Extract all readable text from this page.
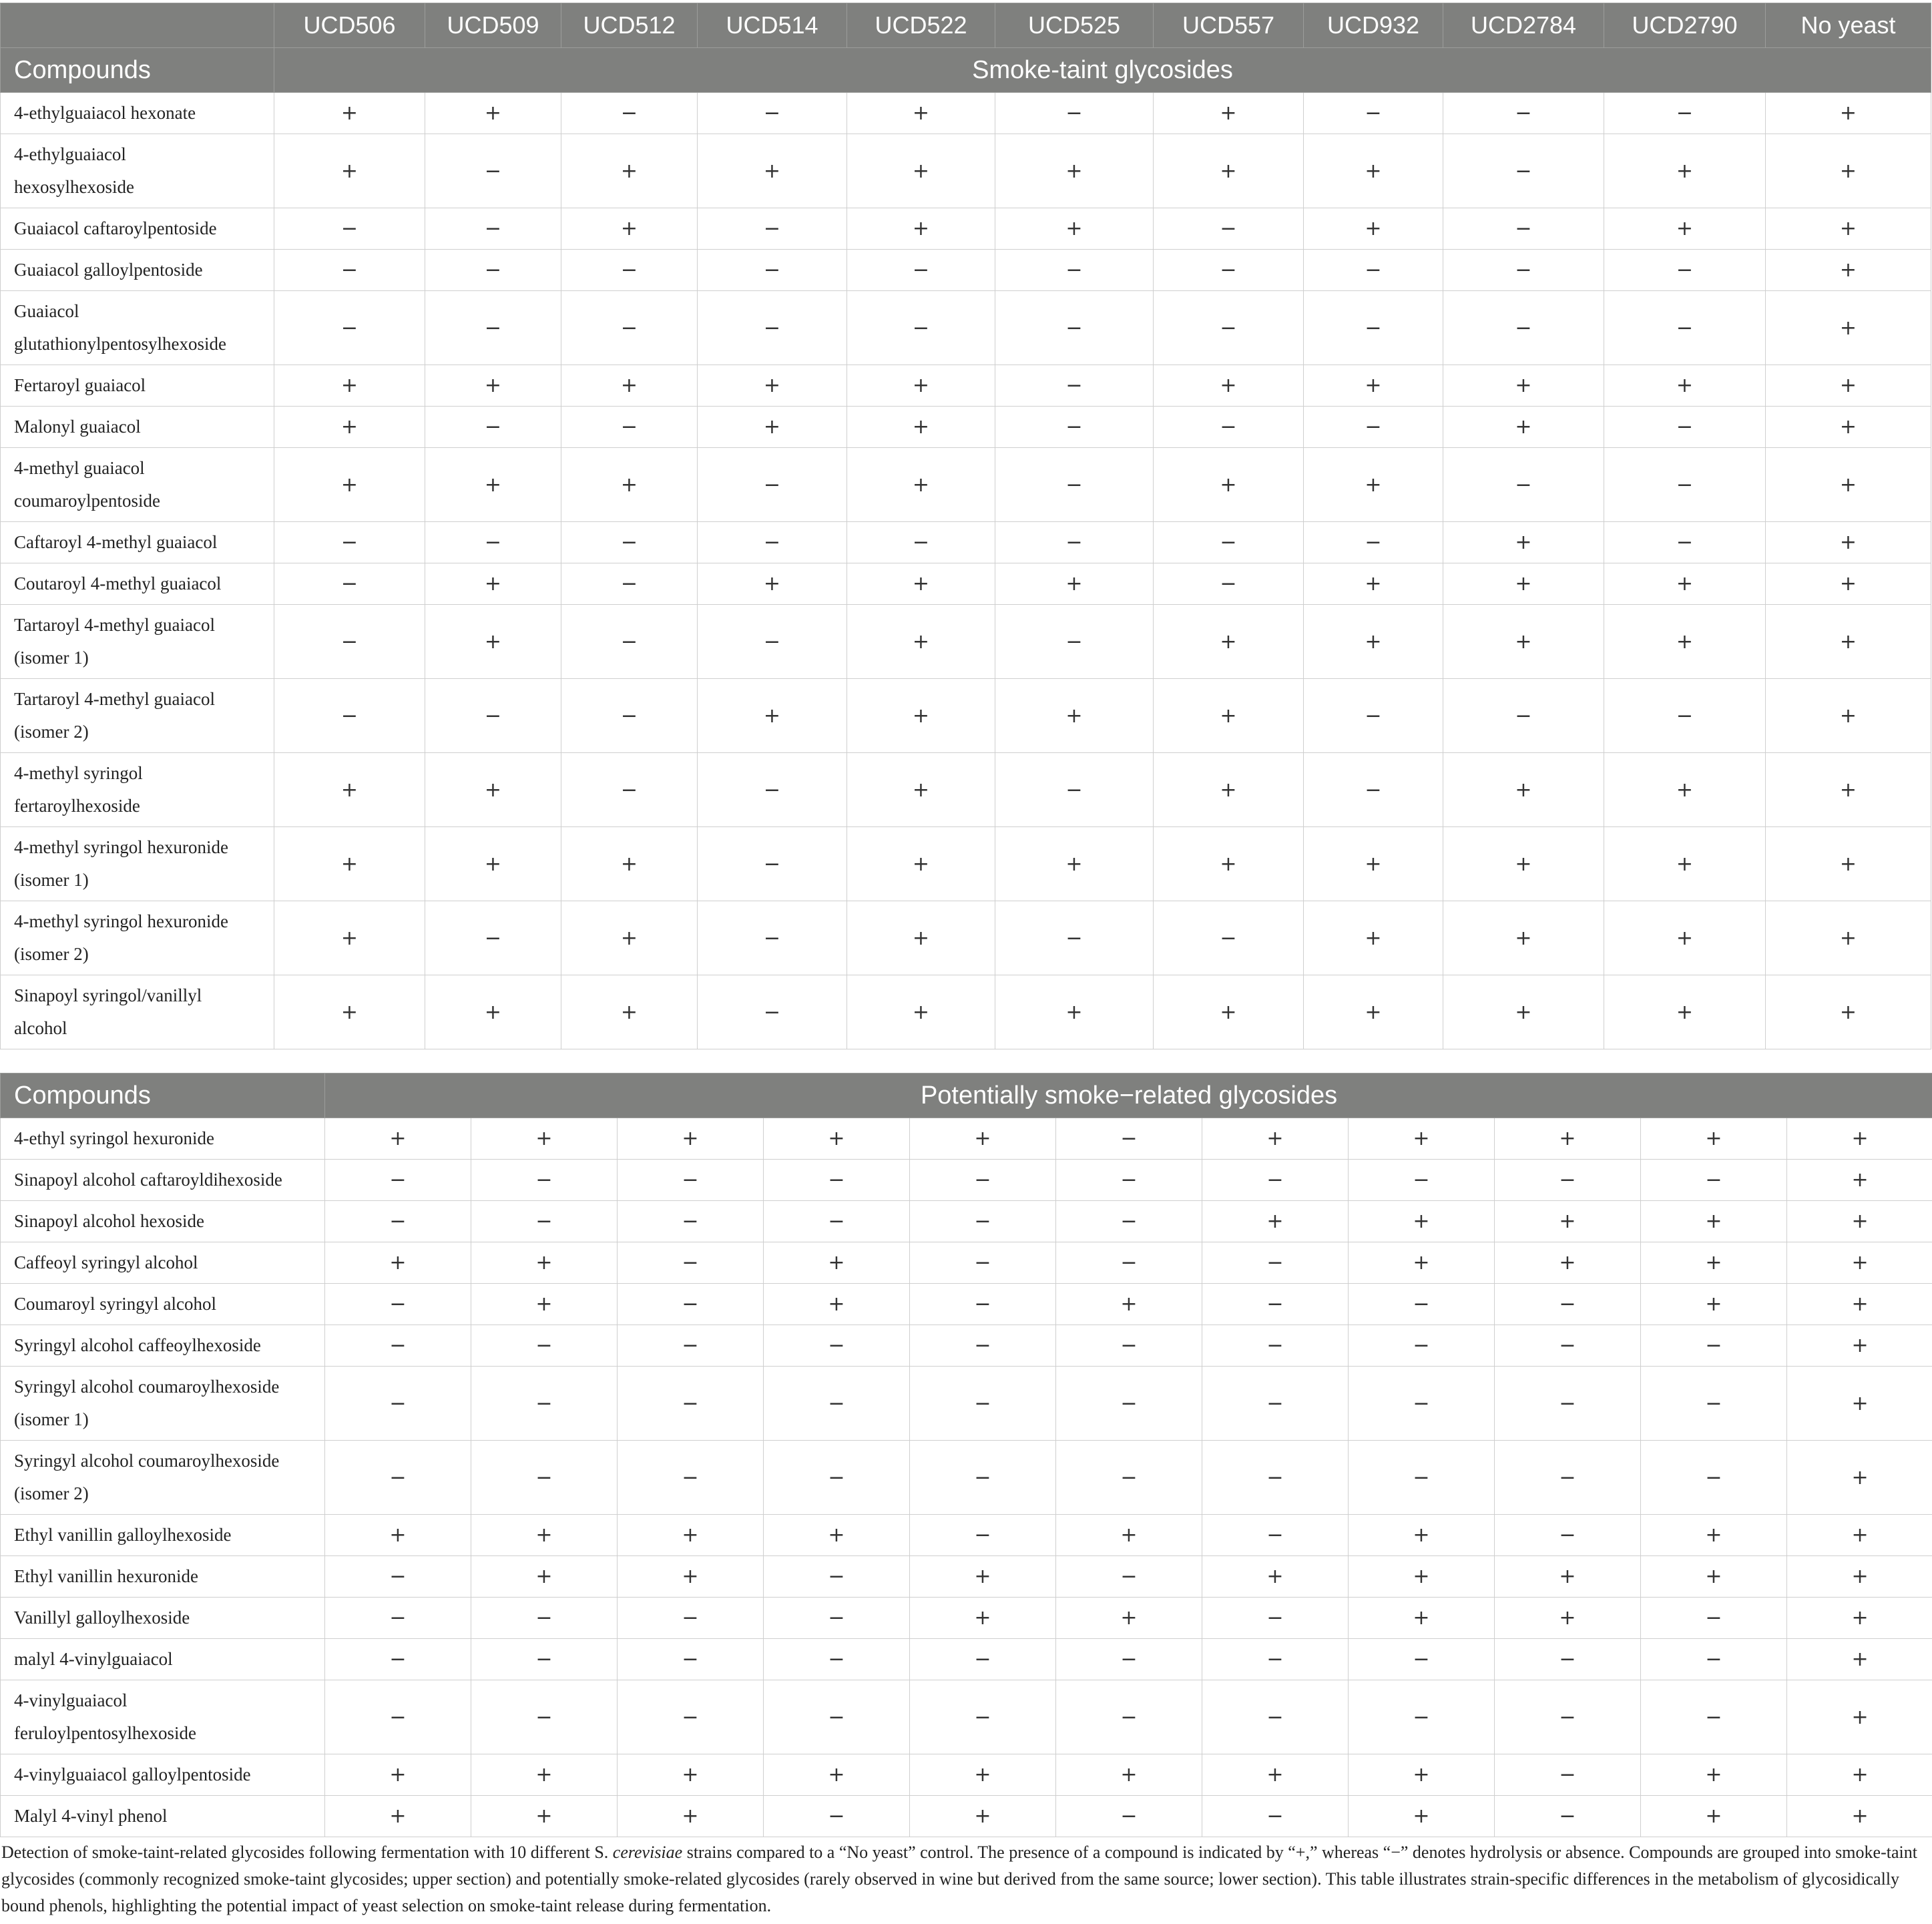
	UCD506	UCD509	UCD512	UCD514	UCD522	UCD525	UCD557	UCD932	UCD2784	UCD2790	No yeast
Compounds	Smoke-taint glycosides										
4-ethylguaiacol hexonate	+	+	−	−	+	−	+	−	−	−	+
4-ethylguaiacol hexosylhexoside	+	−	+	+	+	+	+	+	−	+	+
Guaiacol caftaroylpentoside	−	−	+	−	+	+	−	+	−	+	+
Guaiacol galloylpentoside	−	−	−	−	−	−	−	−	−	−	+
Guaiacol glutathionylpentosylhexoside	−	−	−	−	−	−	−	−	−	−	+
Fertaroyl guaiacol	+	+	+	+	+	−	+	+	+	+	+
Malonyl guaiacol	+	−	−	+	+	−	−	−	+	−	+
4-methyl guaiacol coumaroylpentoside	+	+	+	−	+	−	+	+	−	−	+
Caftaroyl 4-methyl guaiacol	−	−	−	−	−	−	−	−	+	−	+
Coutaroyl 4-methyl guaiacol	−	+	−	+	+	+	−	+	+	+	+
Tartaroyl 4-methyl guaiacol (isomer 1)	−	+	−	−	+	−	+	+	+	+	+
Tartaroyl 4-methyl guaiacol (isomer 2)	−	−	−	+	+	+	+	−	−	−	+
4-methyl syringol fertaroylhexoside	+	+	−	−	+	−	+	−	+	+	+
4-methyl syringol hexuronide (isomer 1)	+	+	+	−	+	+	+	+	+	+	+
4-methyl syringol hexuronide (isomer 2)	+	−	+	−	+	−	−	+	+	+	+
Sinapoyl syringol/vanillyl alcohol	+	+	+	−	+	+	+	+	+	+	+
Compounds	Potentially smoke−related glycosides										
4-ethyl syringol hexuronide	+	+	+	+	+	−	+	+	+	+	+
Sinapoyl alcohol caftaroyldihexoside	−	−	−	−	−	−	−	−	−	−	+
Sinapoyl alcohol hexoside	−	−	−	−	−	−	+	+	+	+	+
Caffeoyl syringyl alcohol	+	+	−	+	−	−	−	+	+	+	+
Coumaroyl syringyl alcohol	−	+	−	+	−	+	−	−	−	+	+
Syringyl alcohol caffeoylhexoside	−	−	−	−	−	−	−	−	−	−	+
Syringyl alcohol coumaroylhexoside (isomer 1)	−	−	−	−	−	−	−	−	−	−	+
Syringyl alcohol coumaroylhexoside (isomer 2)	−	−	−	−	−	−	−	−	−	−	+
Ethyl vanillin galloylhexoside	+	+	+	+	−	+	−	+	−	+	+
Ethyl vanillin hexuronide	−	+	+	−	+	−	+	+	+	+	+
Vanillyl galloylhexoside	−	−	−	−	+	+	−	+	+	−	+
malyl 4-vinylguaiacol	−	−	−	−	−	−	−	−	−	−	+
4-vinylguaiacol feruloylpentosylhexoside	−	−	−	−	−	−	−	−	−	−	+
4-vinylguaiacol galloylpentoside	+	+	+	+	+	+	+	+	−	+	+
Malyl 4-vinyl phenol	+	+	+	−	+	−	−	+	−	+	+
Detection of smoke-taint-related glycosides following fermentation with 10 different S. cerevisiae strains compared to a “No yeast” control. The presence of a compound is indicated by “+,” whereas “−” denotes hydrolysis or absence. Compounds are grouped into smoke-taint glycosides (commonly recognized smoke-taint glycosides; upper section) and potentially smoke-related glycosides (rarely observed in wine but derived from the same source; lower section). This table illustrates strain-specific differences in the metabolism of glycosidically bound phenols, highlighting the potential impact of yeast selection on smoke-taint release during fermentation.
